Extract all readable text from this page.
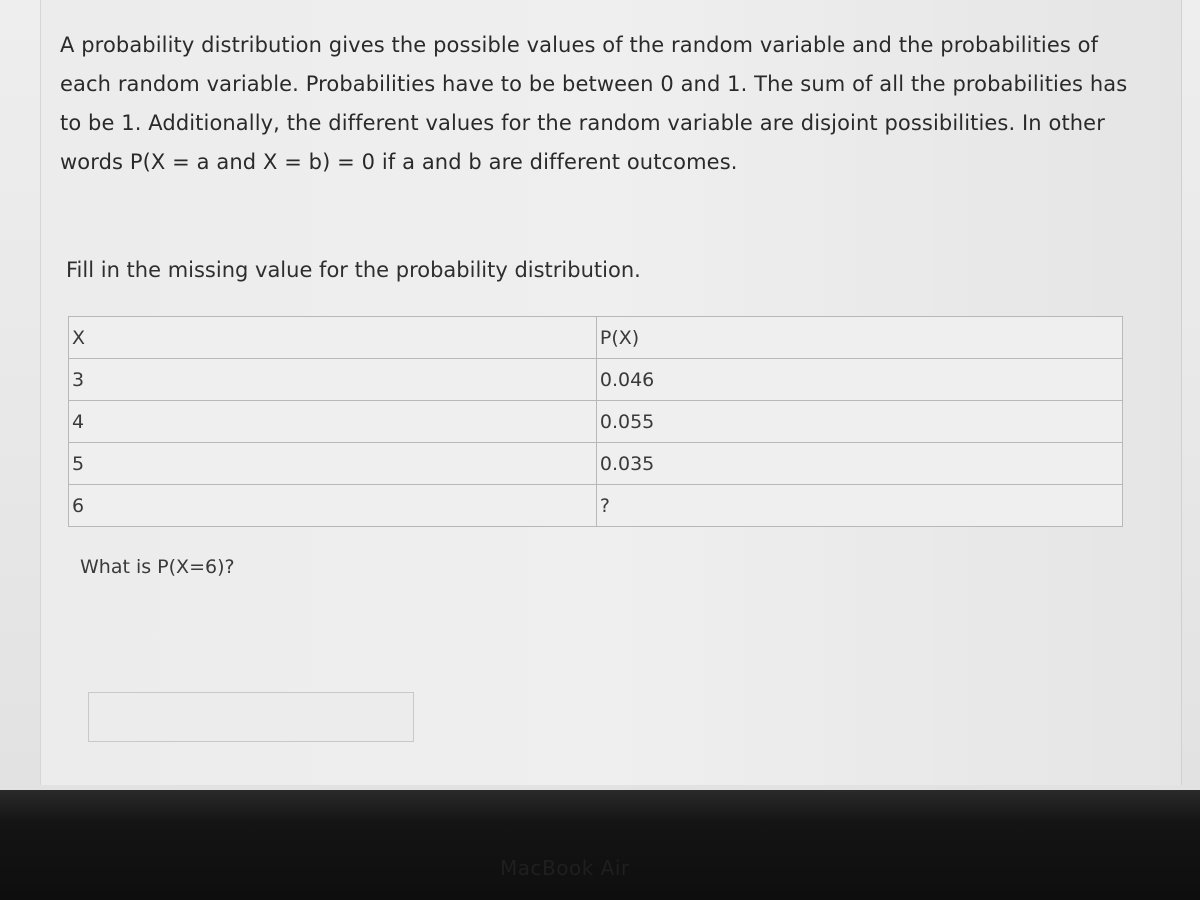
A probability distribution gives the possible values of the random variable and the probabilities of each random variable. Probabilities have to be between 0 and 1. The sum of all the probabilities has to be 1. Additionally, the different values for the random variable are disjoint possibilities. In other words P(X = a and X = b) = 0 if a and b are different outcomes.

Fill in the missing value for the probability distribution.

X	P(X)
3	0.046
4	0.055
5	0.035
6	?

What is P(X=6)?

MacBook Air
